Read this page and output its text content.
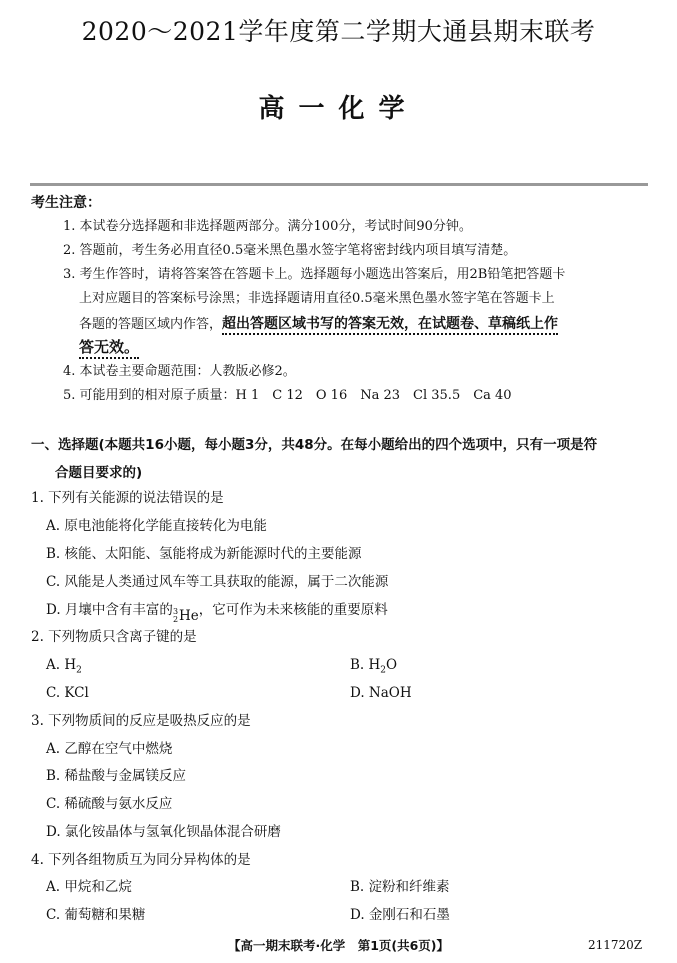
2020～2021学年度第二学期大通县期末联考
高一化学
考生注意：
1. 本试卷分选择题和非选择题两部分。满分100分，考试时间90分钟。
2. 答题前，考生务必用直径0.5毫米黑色墨水签字笔将密封线内项目填写清楚。
3. 考生作答时，请将答案答在答题卡上。选择题每小题选出答案后，用2B铅笔把答题卡
上对应题目的答案标号涂黑；非选择题请用直径0.5毫米黑色墨水签字笔在答题卡上
各题的答题区域内作答，超出答题区域书写的答案无效，在试题卷、草稿纸上作
答无效。
4. 本试卷主要命题范围：人教版必修2。
5. 可能用到的相对原子质量：H 1　C 12　O 16　Na 23　Cl 35.5　Ca 40
一、选择题(本题共16小题，每小题3分，共48分。在每小题给出的四个选项中，只有一项是符
合题目要求的)
1. 下列有关能源的说法错误的是
A. 原电池能将化学能直接转化为电能
B. 核能、太阳能、氢能将成为新能源时代的主要能源
C. 风能是人类通过风车等工具获取的能源，属于二次能源
D. 月壤中含有丰富的 3
2 He ，它可作为未来核能的重要原料
2. 下列物质只含离子键的是
A. $H_2$	B. $H_2O$
C. KCl	D. NaOH
3. 下列物质间的反应是吸热反应的是
A. 乙醇在空气中燃烧
B. 稀盐酸与金属镁反应
C. 稀硫酸与氨水反应
D. 氯化铵晶体与氢氧化钡晶体混合研磨
4. 下列各组物质互为同分异构体的是
A. 甲烷和乙烷	B. 淀粉和纤维素
C. 葡萄糖和果糖	D. 金刚石和石墨
【高一期末联考·化学　第1页(共6页)】	211720Z
